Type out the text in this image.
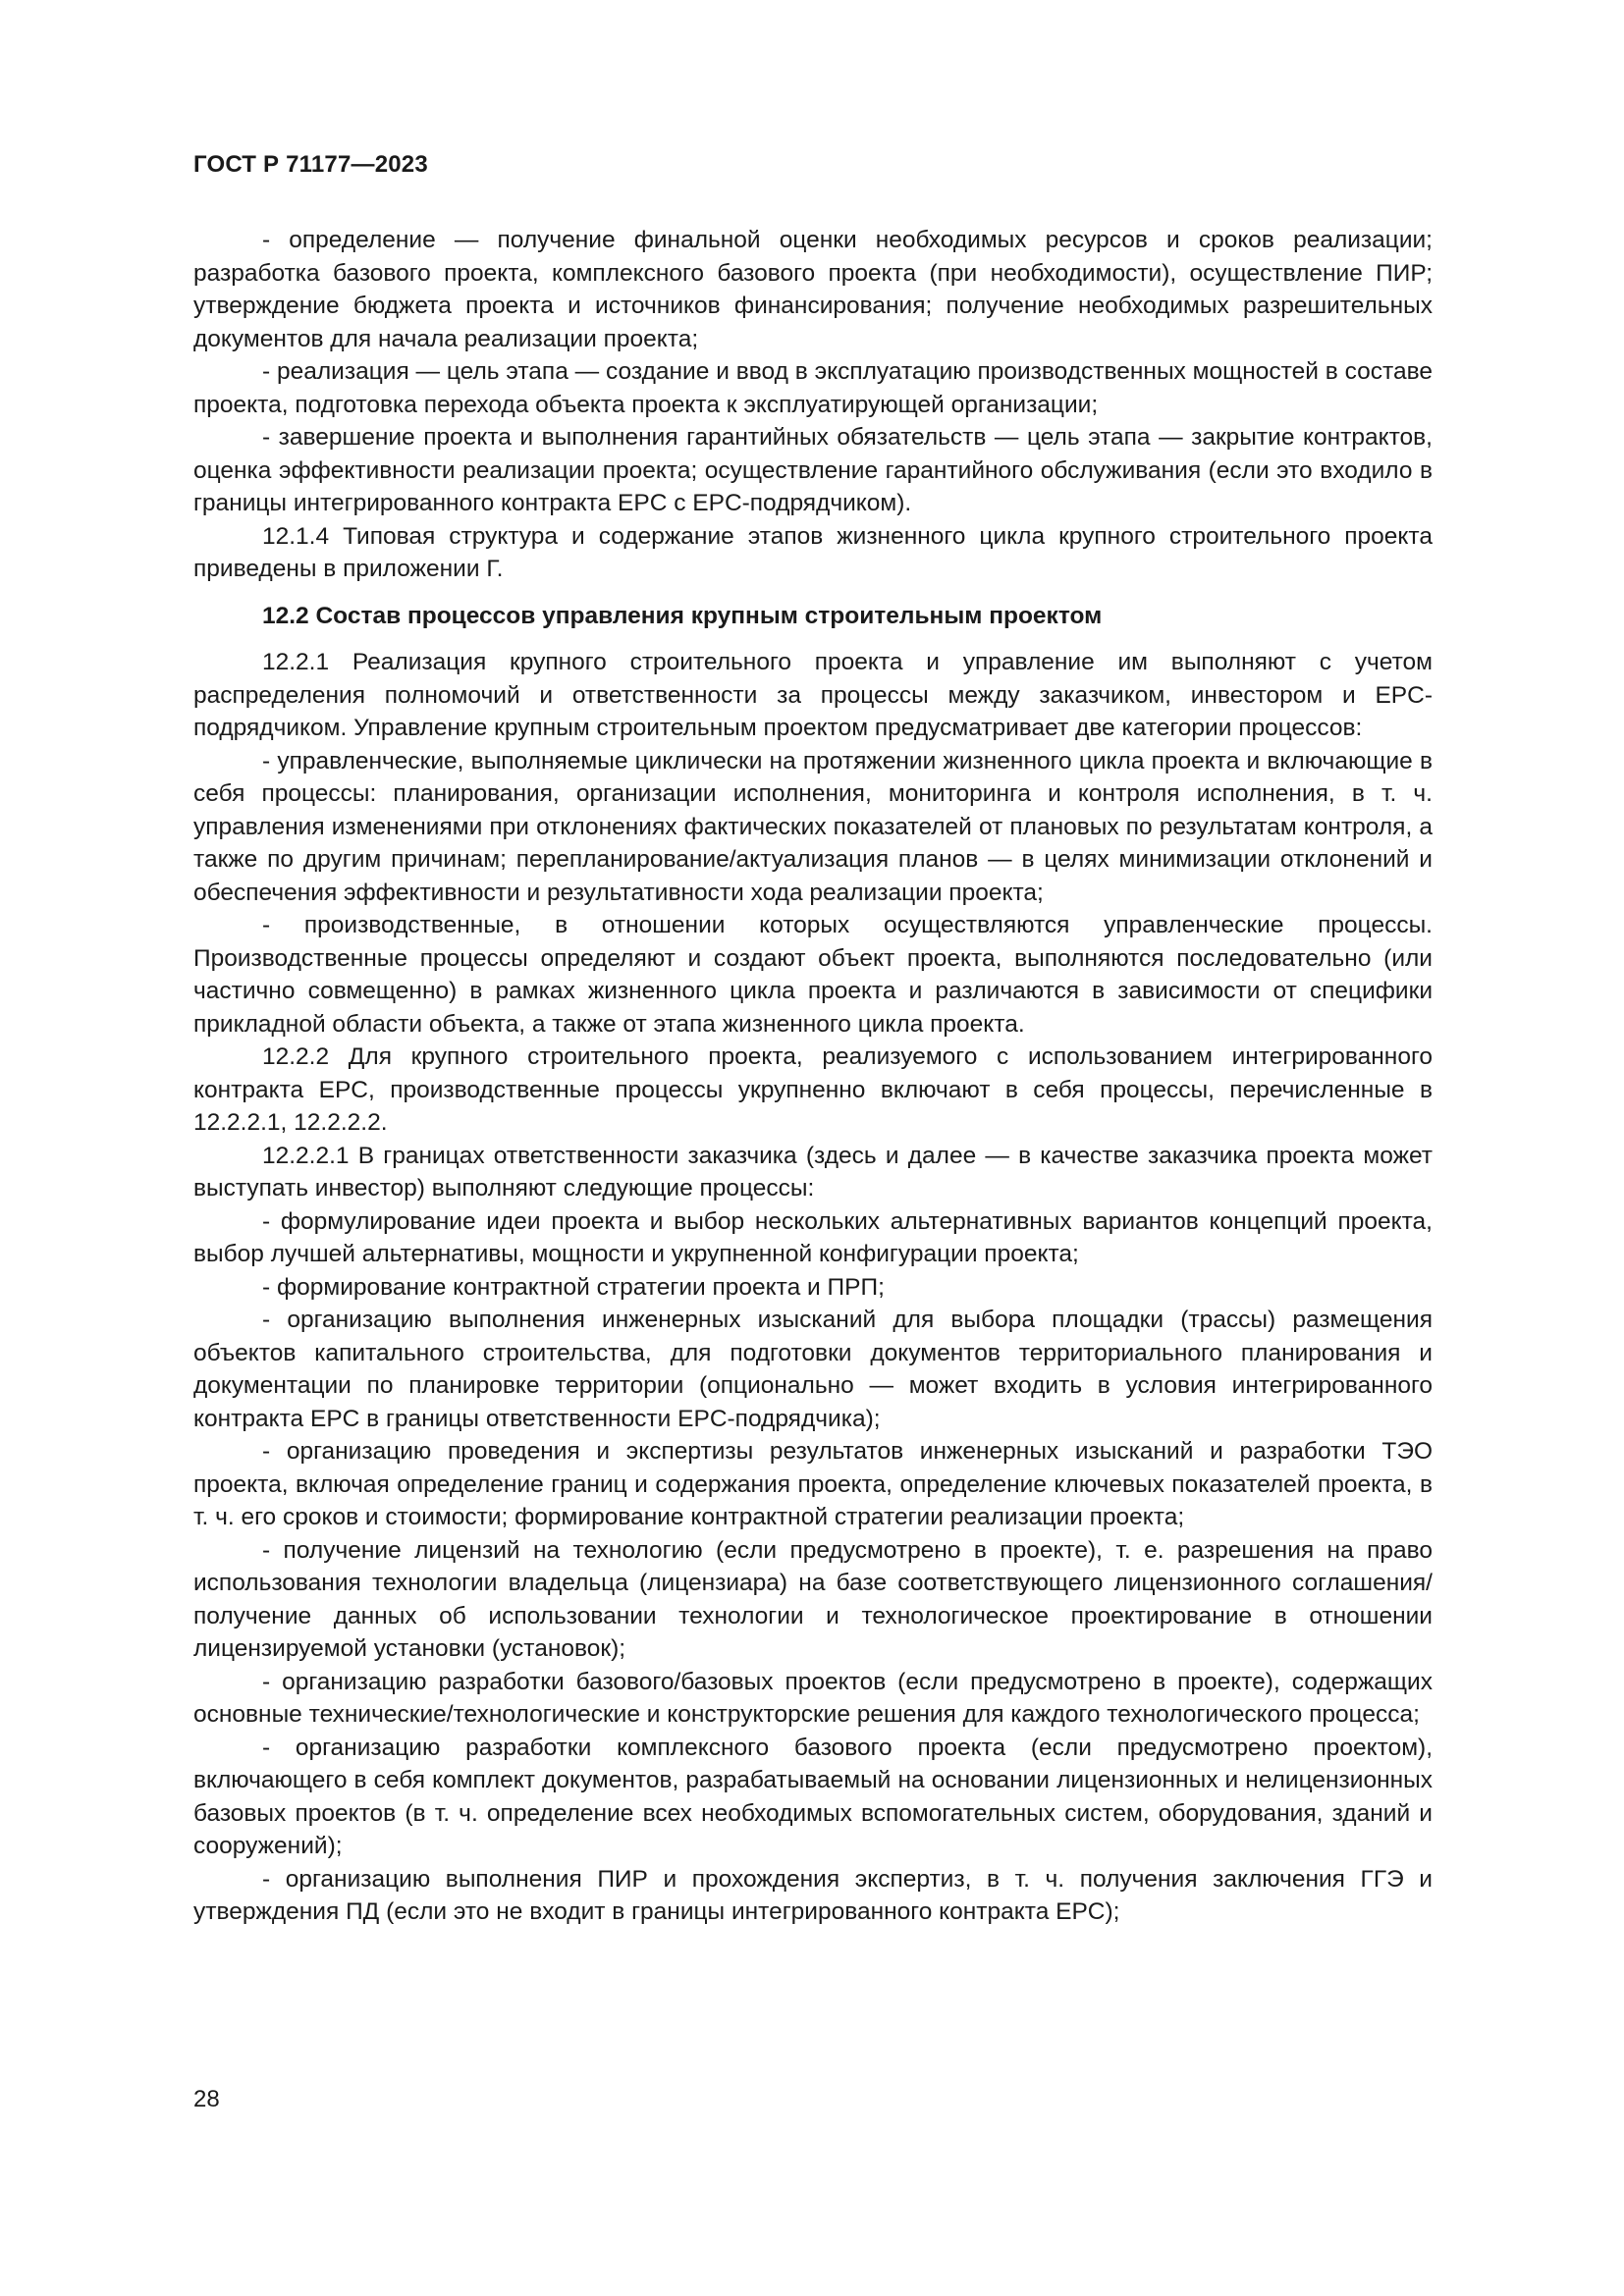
ГОСТ Р 71177—2023

- определение — получение финальной оценки необходимых ресурсов и сроков реализации; разработка базового проекта, комплексного базового проекта (при необходимости), осуществление ПИР; утверждение бюджета проекта и источников финансирования; получение необходимых разрешительных документов для начала реализации проекта;

- реализация — цель этапа — создание и ввод в эксплуатацию производственных мощностей в составе проекта, подготовка перехода объекта проекта к эксплуатирующей организации;

- завершение проекта и выполнения гарантийных обязательств — цель этапа — закрытие контрактов, оценка эффективности реализации проекта; осуществление гарантийного обслуживания (если это входило в границы интегрированного контракта EPC с EPC-подрядчиком).

12.1.4 Типовая структура и содержание этапов жизненного цикла крупного строительного проекта приведены в приложении Г.

12.2 Состав процессов управления крупным строительным проектом

12.2.1 Реализация крупного строительного проекта и управление им выполняют с учетом распределения полномочий и ответственности за процессы между заказчиком, инвестором и EPC-подрядчиком. Управление крупным строительным проектом предусматривает две категории процессов:

- управленческие, выполняемые циклически на протяжении жизненного цикла проекта и включающие в себя процессы: планирования, организации исполнения, мониторинга и контроля исполнения, в т. ч. управления изменениями при отклонениях фактических показателей от плановых по результатам контроля, а также по другим причинам; перепланирование/актуализация планов — в целях минимизации отклонений и обеспечения эффективности и результативности хода реализации проекта;

- производственные, в отношении которых осуществляются управленческие процессы. Производственные процессы определяют и создают объект проекта, выполняются последовательно (или частично совмещенно) в рамках жизненного цикла проекта и различаются в зависимости от специфики прикладной области объекта, а также от этапа жизненного цикла проекта.

12.2.2 Для крупного строительного проекта, реализуемого с использованием интегрированного контракта EPC, производственные процессы укрупненно включают в себя процессы, перечисленные в 12.2.2.1, 12.2.2.2.

12.2.2.1 В границах ответственности заказчика (здесь и далее — в качестве заказчика проекта может выступать инвестор) выполняют следующие процессы:

- формулирование идеи проекта и выбор нескольких альтернативных вариантов концепций проекта, выбор лучшей альтернативы, мощности и укрупненной конфигурации проекта;

- формирование контрактной стратегии проекта и ПРП;

- организацию выполнения инженерных изысканий для выбора площадки (трассы) размещения объектов капитального строительства, для подготовки документов территориального планирования и документации по планировке территории (опционально — может входить в условия интегрированного контракта EPC в границы ответственности EPC-подрядчика);

- организацию проведения и экспертизы результатов инженерных изысканий и разработки ТЭО проекта, включая определение границ и содержания проекта, определение ключевых показателей проекта, в т. ч. его сроков и стоимости; формирование контрактной стратегии реализации проекта;

- получение лицензий на технологию (если предусмотрено в проекте), т. е. разрешения на право использования технологии владельца (лицензиара) на базе соответствующего лицензионного соглашения/получение данных об использовании технологии и технологическое проектирование в отношении лицензируемой установки (установок);

- организацию разработки базового/базовых проектов (если предусмотрено в проекте), содержащих основные технические/технологические и конструкторские решения для каждого технологического процесса;

- организацию разработки комплексного базового проекта (если предусмотрено проектом), включающего в себя комплект документов, разрабатываемый на основании лицензионных и нелицензионных базовых проектов (в т. ч. определение всех необходимых вспомогательных систем, оборудования, зданий и сооружений);

- организацию выполнения ПИР и прохождения экспертиз, в т. ч. получения заключения ГГЭ и утверждения ПД (если это не входит в границы интегрированного контракта EPC);

28
